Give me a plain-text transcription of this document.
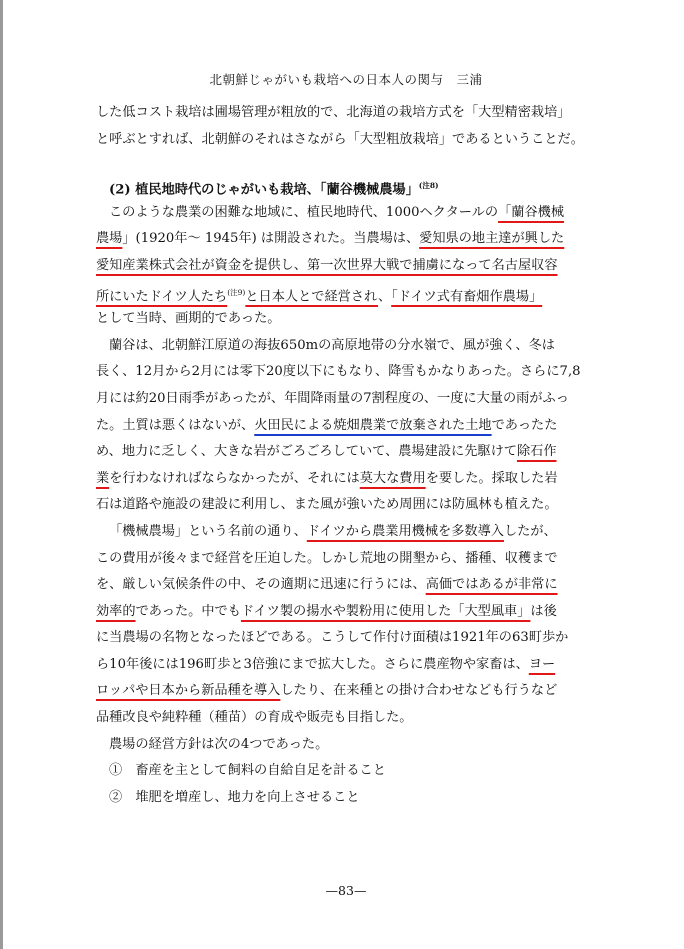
北朝鮮じゃがいも栽培への日本人の関与　三浦
した低コスト栽培は圃場管理が粗放的で、北海道の栽培方式を「大型精密栽培」
と呼ぶとすれば、北朝鮮のそれはさながら「大型粗放栽培」であるということだ。
(2) 植民地時代のじゃがいも栽培、「蘭谷機械農場」$^{(注8)}$
このような農業の困難な地域に、植民地時代、1000ヘクタールの「蘭谷機械
農場」(1920年〜 1945年) は開設された。当農場は、愛知県の地主達が興した
愛知産業株式会社が資金を提供し、第一次世界大戦で捕虜になって名古屋収容
所にいたドイツ人たち$^{(注9)}$と日本人とで経営され、「ドイツ式有畜畑作農場」
として当時、画期的であった。
蘭谷は、北朝鮮江原道の海抜650mの高原地帯の分水嶺で、風が強く、冬は
長く、12月から2月には零下20度以下にもなり、降雪もかなりあった。さらに7,8
月には約20日雨季があったが、年間降雨量の7割程度の、一度に大量の雨がふっ
た。土質は悪くはないが、火田民による焼畑農業で放棄された土地であったた
め、地力に乏しく、大きな岩がごろごろしていて、農場建設に先駆けて除石作
業を行わなければならなかったが、それには莫大な費用を要した。採取した岩
石は道路や施設の建設に利用し、また風が強いため周囲には防風林も植えた。
「機械農場」という名前の通り、ドイツから農業用機械を多数導入したが、
この費用が後々まで経営を圧迫した。しかし荒地の開墾から、播種、収穫まで
を、厳しい気候条件の中、その適期に迅速に行うには、高価ではあるが非常に
効率的であった。中でもドイツ製の揚水や製粉用に使用した「大型風車」は後
に当農場の名物となったほどである。こうして作付け面積は1921年の63町歩か
ら10年後には196町歩と3倍強にまで拡大した。さらに農産物や家畜は、ヨー
ロッパや日本から新品種を導入したり、在来種との掛け合わせなども行うなど
品種改良や純粋種（種苗）の育成や販売も目指した。
農場の経営方針は次の4つであった。
①　畜産を主として飼料の自給自足を計ること
②　堆肥を増産し、地力を向上させること
—83—
